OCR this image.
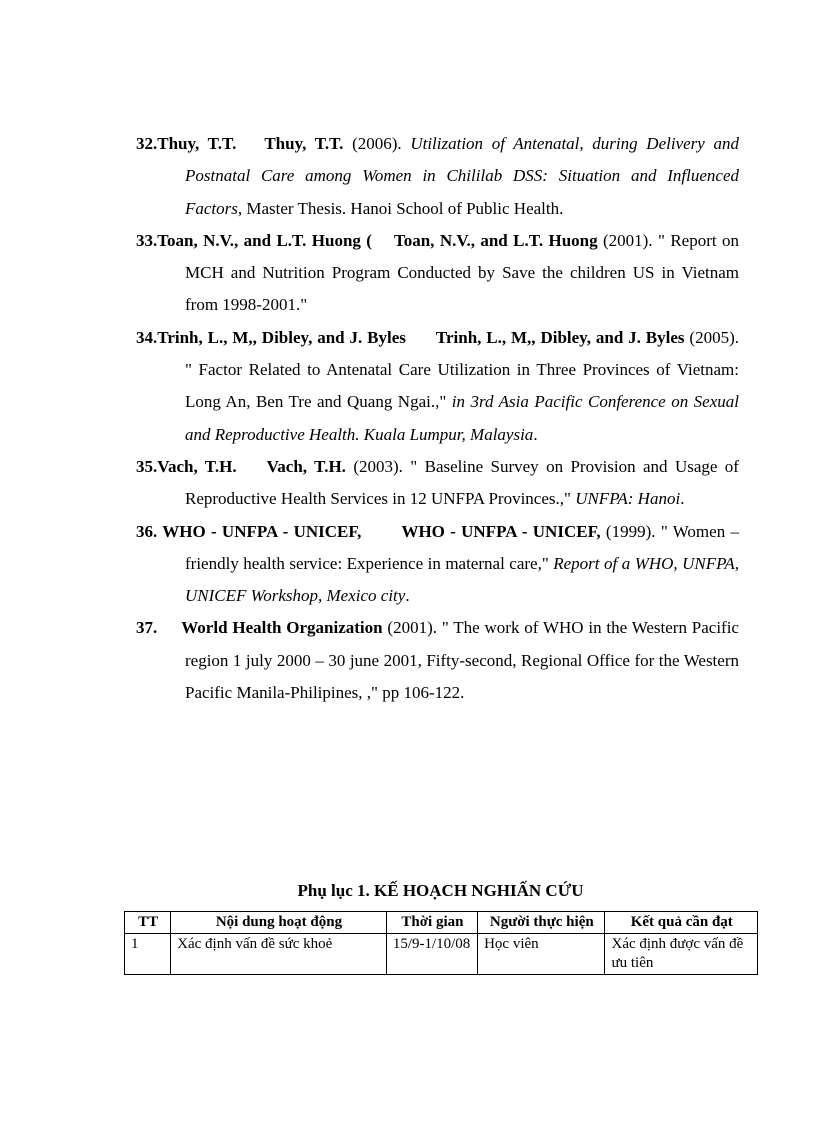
32.Thuy, T.T. Thuy, T.T. (2006). Utilization of Antenatal, during Delivery and Postnatal Care among Women in Chililab DSS: Situation and Influenced Factors, Master Thesis. Hanoi School of Public Health.

33.Toan, N.V., and L.T. Huong ( Toan, N.V., and L.T. Huong (2001). " Report on MCH and Nutrition Program Conducted by Save the children US in Vietnam from 1998-2001."

34.Trinh, L., M,, Dibley, and J. Byles Trinh, L., M,, Dibley, and J. Byles (2005). " Factor Related to Antenatal Care Utilization in Three Provinces of Vietnam: Long An, Ben Tre and Quang Ngai.," in 3rd Asia Pacific Conference on Sexual and Reproductive Health. Kuala Lumpur, Malaysia.

35.Vach, T.H. Vach, T.H. (2003). " Baseline Survey on Provision and Usage of Reproductive Health Services in 12 UNFPA Provinces.," UNFPA: Hanoi.

36. WHO - UNFPA - UNICEF, WHO - UNFPA - UNICEF, (1999). " Women – friendly health service: Experience in maternal care," Report of a WHO, UNFPA, UNICEF Workshop, Mexico city.

37. World Health Organization (2001). " The work of WHO in the Western Pacific region 1 july 2000 – 30 june 2001, Fifty-second, Regional Office for the Western Pacific Manila-Philipines, ," pp 106-122.

Phụ lục 1. KẾ HOẠCH NGHIẤN CỨU
TT	Nội dung hoạt động	Thời gian	Người thực hiện	Kết quả cần đạt
1	Xác định vấn đề sức khoẻ	15/9-1/10/08	Học viên	Xác định được vấn đề ưu tiên
